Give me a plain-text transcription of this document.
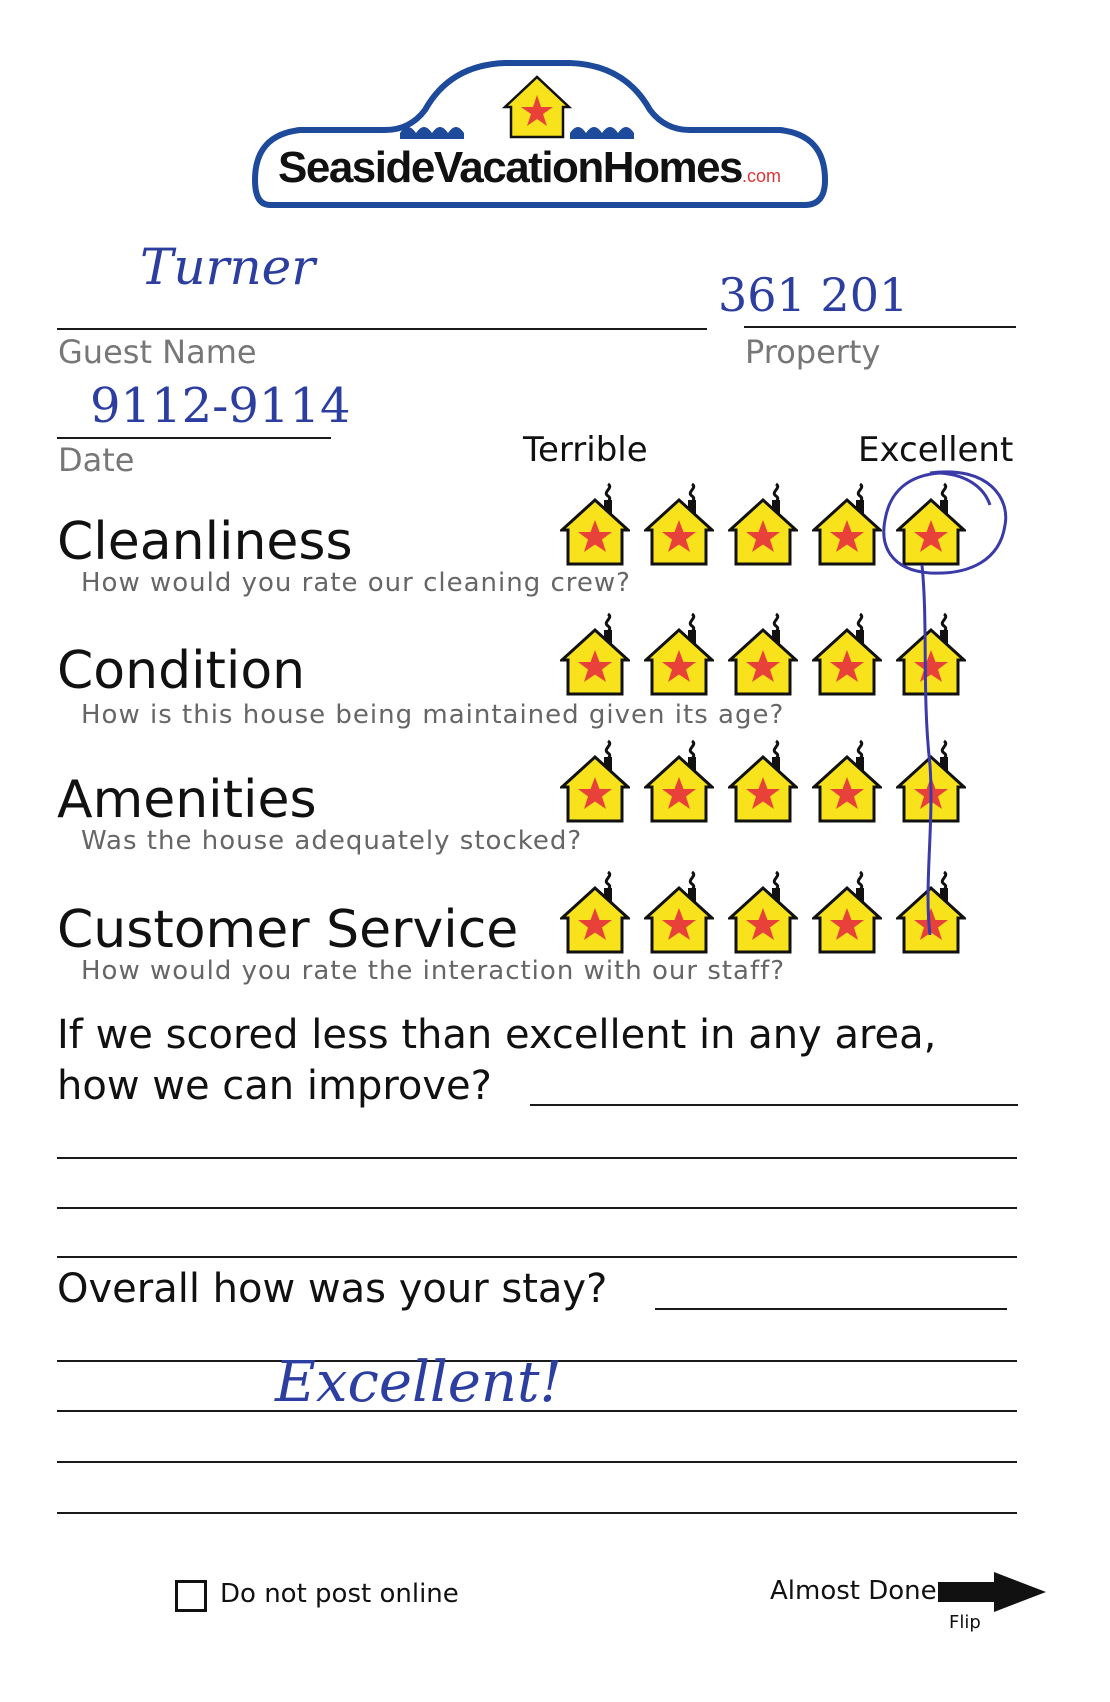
SeasideVacationHomes.com
Turner
Guest Name
361 201
Property
9112-9114
Date	Terrible	Excellent
Cleanliness
How would you rate our cleaning crew?
Condition
How is this house being maintained given its age?
Amenities
Was the house adequately stocked?
Customer Service
How would you rate the interaction with our staff?
If we scored less than excellent in any area,
how we can improve?
Overall how was your stay?
Excellent!
Do not post online	Almost Done
Flip
